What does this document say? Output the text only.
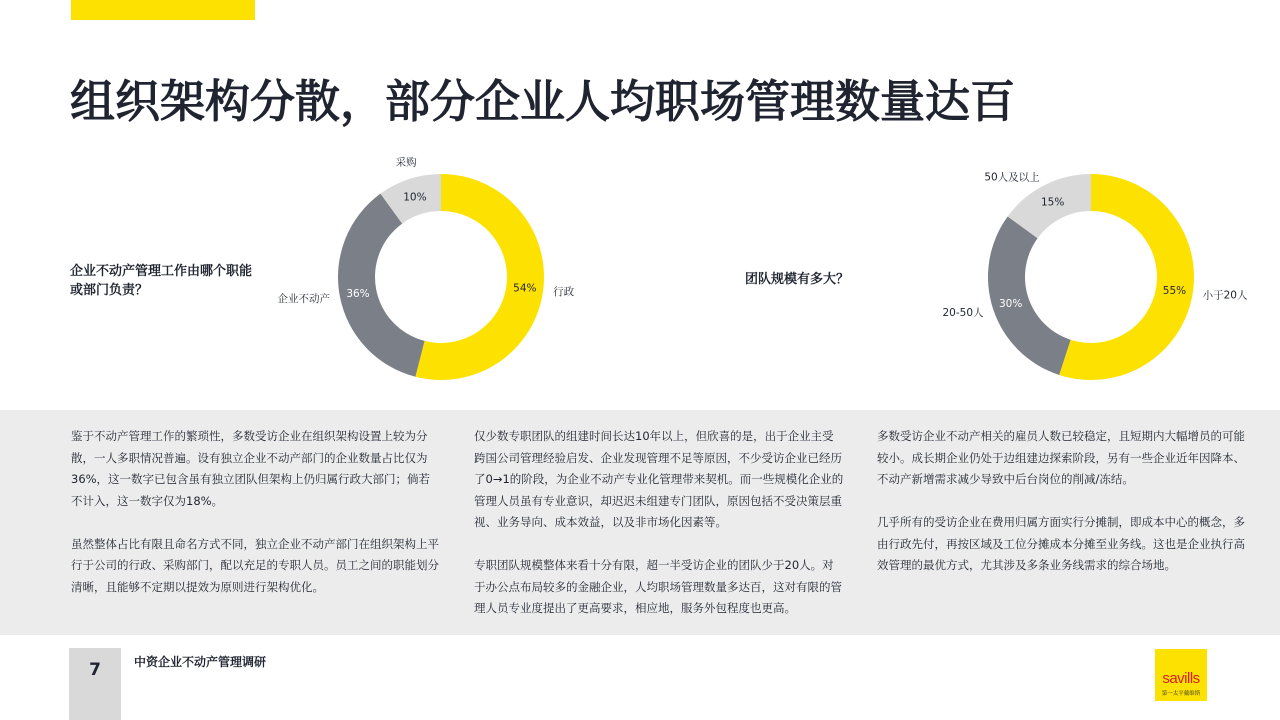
组织架构分散，部分企业人均职场管理数量达百
企业不动产管理工作由哪个职能或部门负责？	54% 行政
36%
企业不动产
10%
采购
团队规模有多大？
55% 小于20人
30%
20-50人
15%
50人及以上

鉴于不动产管理工作的繁琐性，多数受访企业在组织架构设置上较为分散，一人多职情况普遍。设有独立企业不动产部门的企业数量占比仅为36%，这一数字已包含虽有独立团队但架构上仍归属行政大部门；倘若不计入，这一数字仅为18%。

虽然整体占比有限且命名方式不同，独立企业不动产部门在组织架构上平行于公司的行政、采购部门，配以充足的专职人员。员工之间的职能划分清晰，且能够不定期以提效为原则进行架构优化。

仅少数专职团队的组建时间长达10年以上，但欣喜的是，出于企业主受跨国公司管理经验启发、企业发现管理不足等原因，不少受访企业已经历了0→1的阶段，为企业不动产专业化管理带来契机。而一些规模化企业的管理人员虽有专业意识，却迟迟未组建专门团队，原因包括不受决策层重视、业务导向、成本效益，以及非市场化因素等。

专职团队规模整体来看十分有限，超一半受访企业的团队少于20人。对于办公点布局较多的金融企业，人均职场管理数量多达百，这对有限的管理人员专业度提出了更高要求，相应地，服务外包程度也更高。

多数受访企业不动产相关的雇员人数已较稳定，且短期内大幅增员的可能较小。成长期企业仍处于边组建边探索阶段，另有一些企业近年因降本、不动产新增需求减少导致中后台岗位的削减/冻结。

几乎所有的受访企业在费用归属方面实行分摊制，即成本中心的概念，多由行政先付，再按区域及工位分摊成本分摊至业务线。这也是企业执行高效管理的最优方式，尤其涉及多条业务线需求的综合场地。

7	中资企业不动产管理调研
savills
第一太平戴维斯
